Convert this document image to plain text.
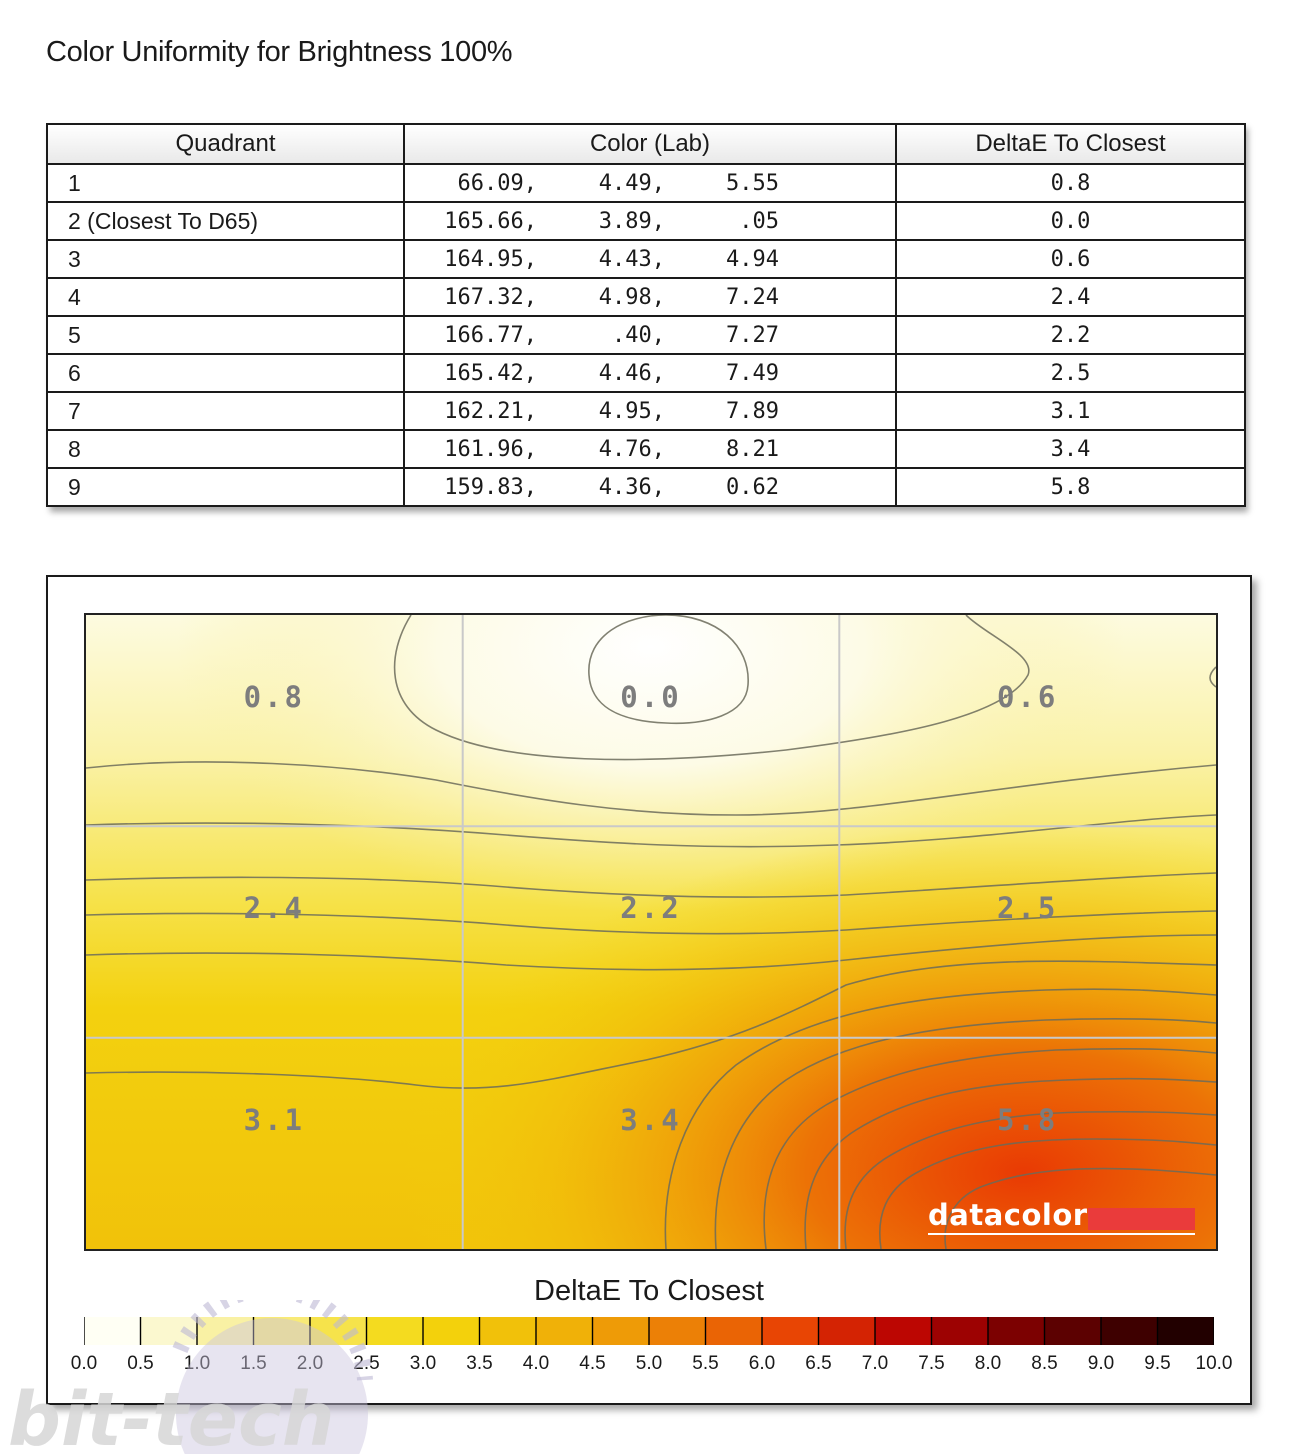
Color Uniformity for Brightness 100%
Quadrant	Color (Lab)	DeltaE To Closest
1	66.09, 4.49, 5.55	0.8
2 (Closest To D65)	165.66, 3.89, .05	0.0
3	164.95, 4.43, 4.94	0.6
4	167.32, 4.98, 7.24	2.4
5	166.77, .40, 7.27	2.2
6	165.42, 4.46, 7.49	2.5
7	162.21, 4.95, 7.89	3.1
8	161.96, 4.76, 8.21	3.4
9	159.83, 4.36, 0.62	5.8
0.8	0.0	0.6
2.4	2.2	2.5
3.1	3.4	5.8
datacolor
DeltaE To Closest
0.0 0.5 1.0 1.5 2.0 2.5 3.0 3.5 4.0 4.5 5.0 5.5 6.0 6.5 7.0 7.5 8.0 8.5 9.0 9.5 10.0
bit-tech
